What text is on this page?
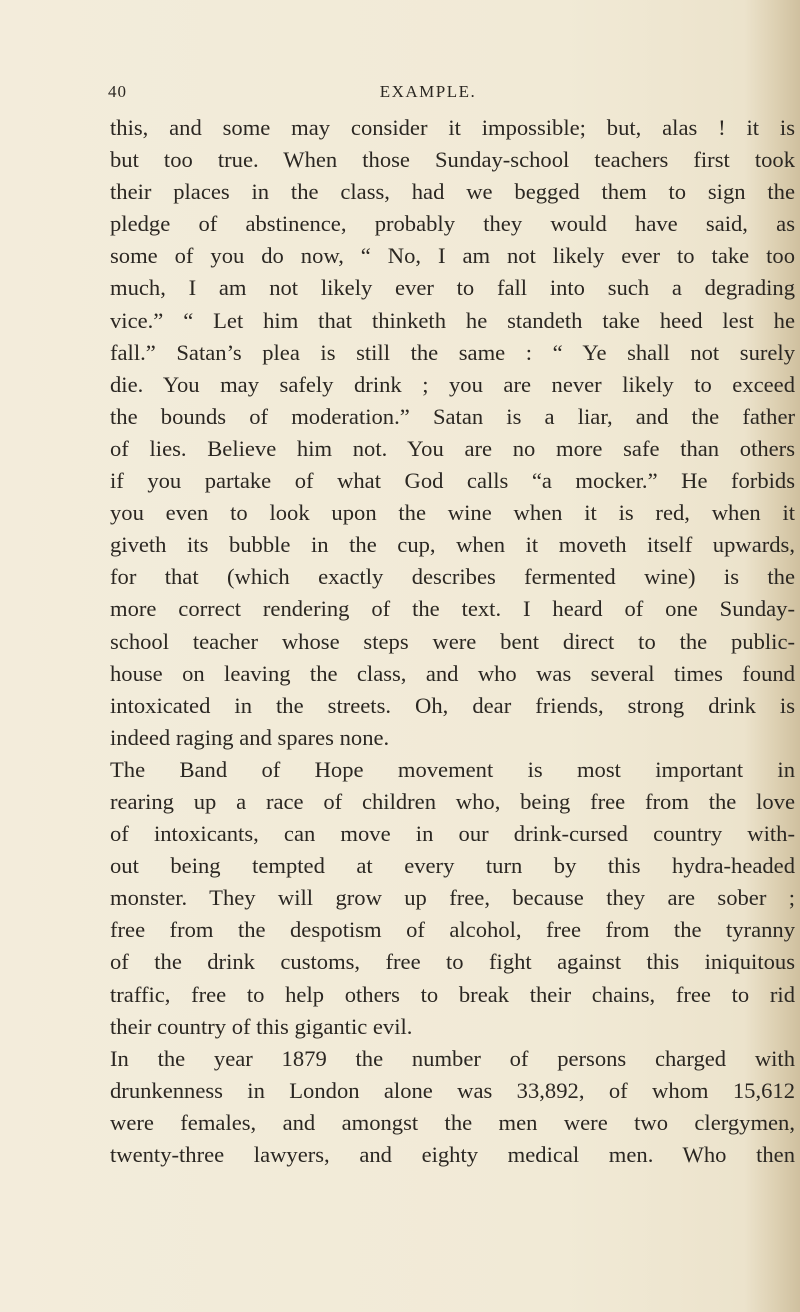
40	EXAMPLE.
this, and some may consider it impossible; but, alas ! it is
but too true. When those Sunday-school teachers first took
their places in the class, had we begged them to sign the
pledge of abstinence, probably they would have said, as
some of you do now, “ No, I am not likely ever to take too
much, I am not likely ever to fall into such a degrading
vice.” “ Let him that thinketh he standeth take heed lest he
fall.” Satan’s plea is still the same : “ Ye shall not surely
die. You may safely drink ; you are never likely to exceed
the bounds of moderation.” Satan is a liar, and the father
of lies. Believe him not. You are no more safe than others
if you partake of what God calls “a mocker.” He forbids
you even to look upon the wine when it is red, when it
giveth its bubble in the cup, when it moveth itself upwards,
for that (which exactly describes fermented wine) is the
more correct rendering of the text. I heard of one Sunday-
school teacher whose steps were bent direct to the public-
house on leaving the class, and who was several times found
intoxicated in the streets. Oh, dear friends, strong drink is
indeed raging and spares none.
The Band of Hope movement is most important in
rearing up a race of children who, being free from the love
of intoxicants, can move in our drink-cursed country with-
out being tempted at every turn by this hydra-headed
monster. They will grow up free, because they are sober ;
free from the despotism of alcohol, free from the tyranny
of the drink customs, free to fight against this iniquitous
traffic, free to help others to break their chains, free to rid
their country of this gigantic evil.
In the year 1879 the number of persons charged with
drunkenness in London alone was 33,892, of whom 15,612
were females, and amongst the men were two clergymen,
twenty-three lawyers, and eighty medical men. Who then
